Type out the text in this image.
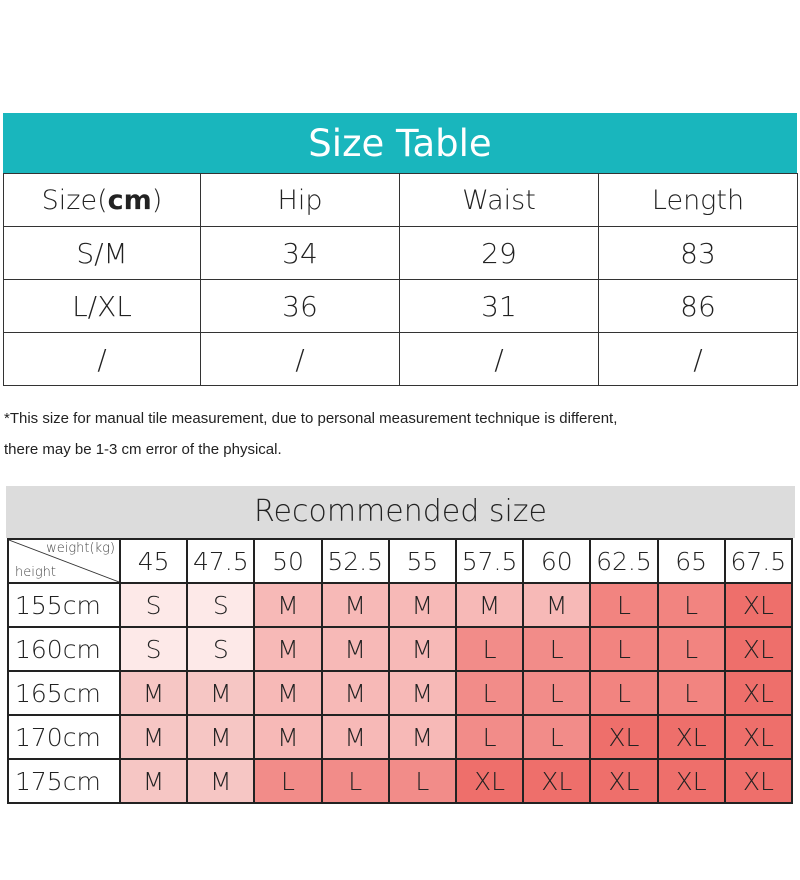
Size Table
Size(cm)	Hip	Waist	Length
S/M	34	29	83
L/XL	36	31	86
/	/	/	/
*This size for manual tile measurement, due to personal measurement technique is different,
there may be 1-3 cm error of the physical.
Recommended size
weight(kg)
height	45	47.5	50	52.5	55	57.5	60	62.5	65	67.5
155cm	S	S	M	M	M	M	M	L	L	XL
160cm	S	S	M	M	M	L	L	L	L	XL
165cm	M	M	M	M	M	L	L	L	L	XL
170cm	M	M	M	M	M	L	L	XL	XL	XL
175cm	M	M	L	L	L	XL	XL	XL	XL	XL
